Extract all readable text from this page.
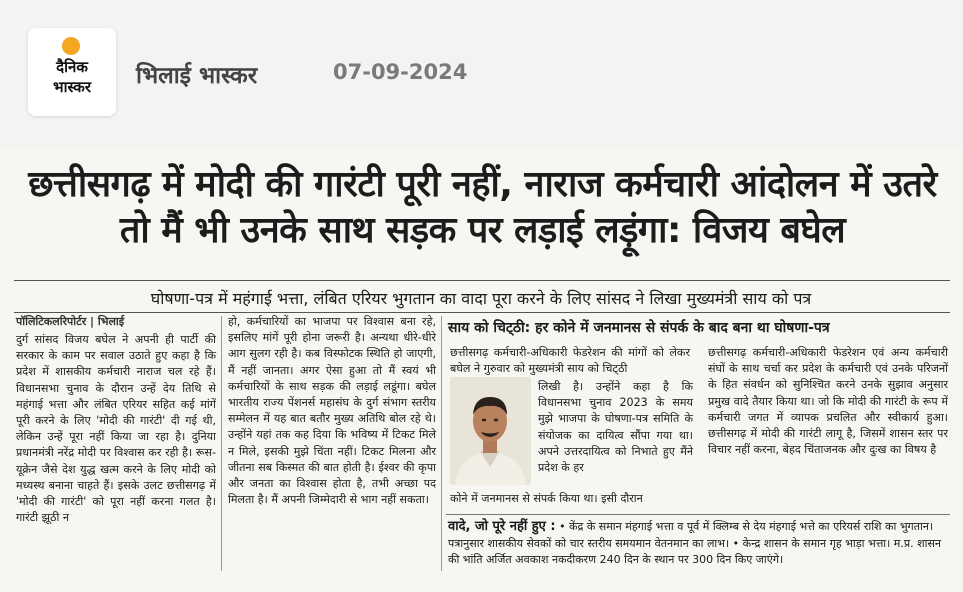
दैनिक
भास्कर	भिलाई भास्कर	07-09-2024
छत्तीसगढ़ में मोदी की गारंटी पूरी नहीं, नाराज कर्मचारी आंदोलन में उतरे तो मैं भी उनके साथ सड़क पर लड़ाई लड़ूंगा: विजय बघेल
घोषणा-पत्र में महंगाई भत्ता, लंबित एरियर भुगतान का वादा पूरा करने के लिए सांसद ने लिखा मुख्यमंत्री साय को पत्र
पॉलिटिकलरिपोर्टर | भिलाई

दुर्ग सांसद विजय बघेल ने अपनी ही पार्टी की सरकार के काम पर सवाल उठाते हुए कहा है कि प्रदेश में शासकीय कर्मचारी नाराज चल रहे हैं। विधानसभा चुनाव के दौरान उन्हें देय तिथि से महंगाई भत्ता और लंबित एरियर सहित कई मांगें पूरी करने के लिए 'मोदी की गारंटी' दी गई थी, लेकिन उन्हें पूरा नहीं किया जा रहा है। दुनिया प्रधानमंत्री नरेंद्र मोदी पर विश्वास कर रही है। रूस-यूक्रेन जैसे देश युद्ध खत्म करने के लिए मोदी को मध्यस्थ बनाना चाहते हैं। इसके उलट छत्तीसगढ़ में 'मोदी की गारंटी' को पूरा नहीं करना गलत है। गारंटी झूठी न

हो, कर्मचारियों का भाजपा पर विश्वास बना रहे, इसलिए मांगें पूरी होना जरूरी है। अन्यथा धीरे-धीरे आग सुलग रही है। कब विस्फोटक स्थिति हो जाएगी, मैं नहीं जानता। अगर ऐसा हुआ तो मैं स्वयं भी कर्मचारियों के साथ सड़क की लड़ाई लडूंगा। बघेल भारतीय राज्य पेंशनर्स महासंघ के दुर्ग संभाग स्तरीय सम्मेलन में यह बात बतौर मुख्य अतिथि बोल रहे थे। उन्होंने यहां तक कह दिया कि भविष्य में टिकट मिले न मिले, इसकी मुझे चिंता नहीं। टिकट मिलना और जीतना सब किस्मत की बात होती है। ईश्वर की कृपा और जनता का विश्वास होता है, तभी अच्छा पद मिलता है। मैं अपनी जिम्मेदारी से भाग नहीं सकता।

साय को चिट्‌ठी: हर कोने में जनमानस से संपर्क के बाद बना था घोषणा-पत्र

छत्तीसगढ़ कर्मचारी-अधिकारी फेडरेशन की मांगों को लेकर बघेल ने गुरुवार को मुख्यमंत्री साय को चिट्‌ठी

लिखी है। उन्होंने कहा है कि विधानसभा चुनाव 2023 के समय मुझे भाजपा के घोषणा-पत्र समिति के संयोजक का दायित्व सौंपा गया था। अपने उत्तरदायित्व को निभाते हुए मैंने प्रदेश के हर

कोने में जनमानस से संपर्क किया था। इसी दौरान

छत्तीसगढ़ कर्मचारी-अधिकारी फेडरेशन एवं अन्य कर्मचारी संघों के साथ चर्चा कर प्रदेश के कर्मचारी एवं उनके परिजनों के हित संवर्धन को सुनिश्चित करने उनके सुझाव अनुसार प्रमुख वादे तैयार किया था। जो कि मोदी की गारंटी के रूप में कर्मचारी जगत में व्यापक प्रचलित और स्वीकार्य हुआ। छत्तीसगढ़ में मोदी की गारंटी लागू है, जिसमें शासन स्तर पर विचार नहीं करना, बेहद चिंताजनक और दुःख का विषय है

वादे, जो पूरे नहीं हुए : • केंद्र के समान मंहगाई भत्ता व पूर्व में क्लिम्ब से देय मंहगाई भत्ते का एरियर्स राशि का भुगतान। पत्रानुसार शासकीय सेवकों को चार स्तरीय समयमान वेतनमान का लाभ। • केन्द्र शासन के समान गृह भाड़ा भत्ता। म.प्र. शासन की भांति अर्जित अवकाश नकदीकरण 240 दिन के स्थान पर 300 दिन किए जाएंगे।
